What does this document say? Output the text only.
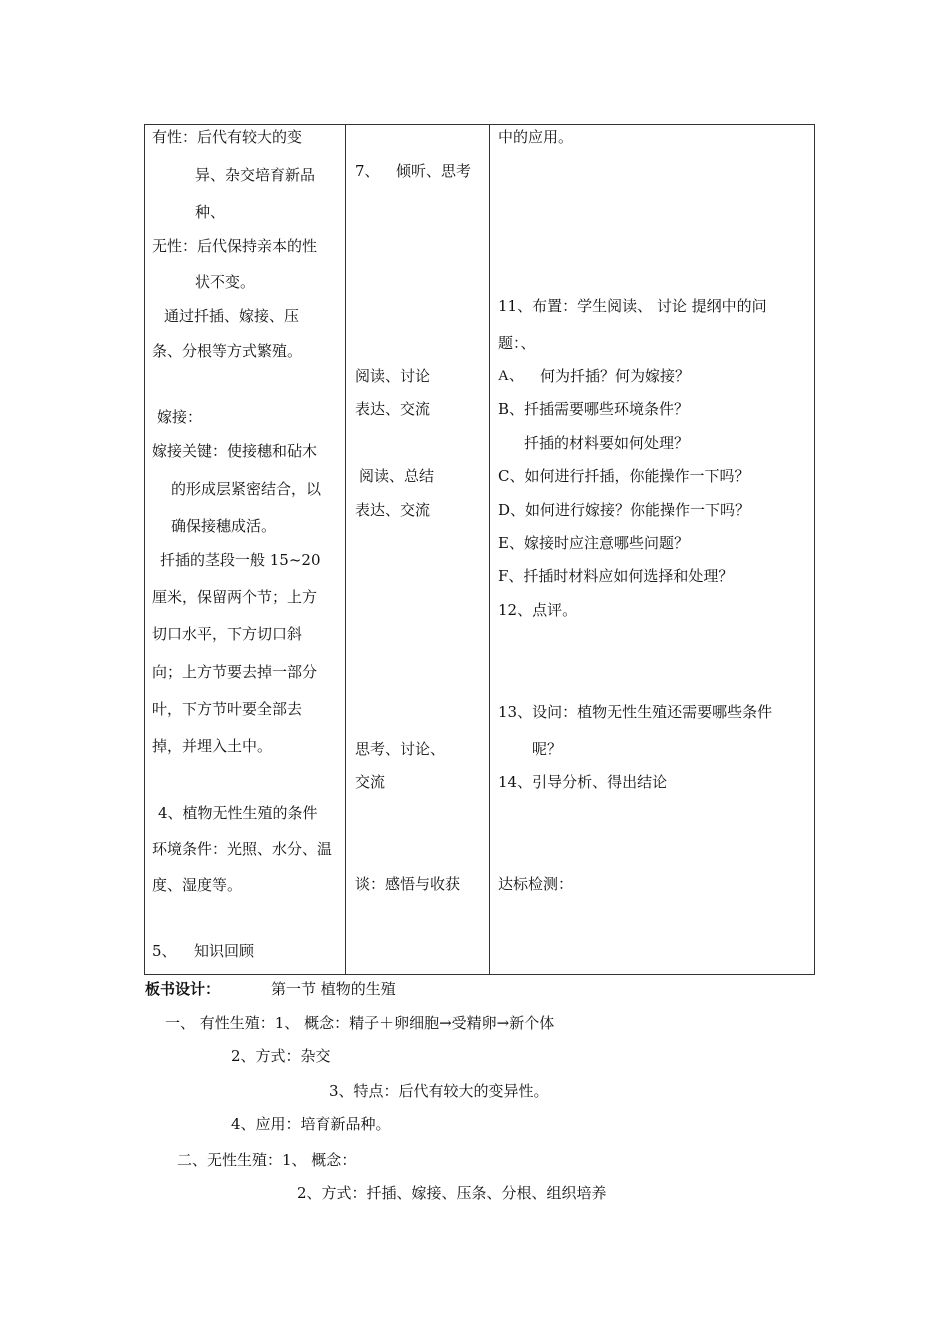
有性：后代有较大的变
异、杂交培育新品
种、
无性：后代保持亲本的性
状不变。
通过扦插、嫁接、压
条、分根等方式繁殖。
嫁接：
嫁接关键：使接穗和砧木
的形成层紧密结合，以
确保接穗成活。
扦插的茎段一般 15~20
厘米，保留两个节；上方
切口水平，下方切口斜
向；上方节要去掉一部分
叶，下方节叶要全部去
掉，并埋入土中。
4、植物无性生殖的条件
环境条件：光照、水分、温
度、湿度等。
5、 知识回顾
7、 倾听、思考
阅读、讨论
表达、交流
阅读、总结
表达、交流
思考、讨论、
交流
谈：感悟与收获
中的应用。
11、布置：学生阅读、 讨论 提纲中的问
题：、
A、 何为扦插？何为嫁接？
B、扦插需要哪些环境条件？
扦插的材料要如何处理？
C、如何进行扦插，你能操作一下吗？
D、如何进行嫁接？你能操作一下吗？
E、嫁接时应注意哪些问题？
F、扦插时材料应如何选择和处理？
12、点评。
13、设问：植物无性生殖还需要哪些条件
呢？
14、引导分析、得出结论
达标检测：
板书设计：	第一节 植物的生殖
一、 有性生殖：1、 概念：精子＋卵细胞→受精卵→新个体
2、方式：杂交
3、特点：后代有较大的变异性。
4、应用：培育新品种。
二、无性生殖：1、 概念：
2、方式：扦插、嫁接、压条、分根、组织培养
